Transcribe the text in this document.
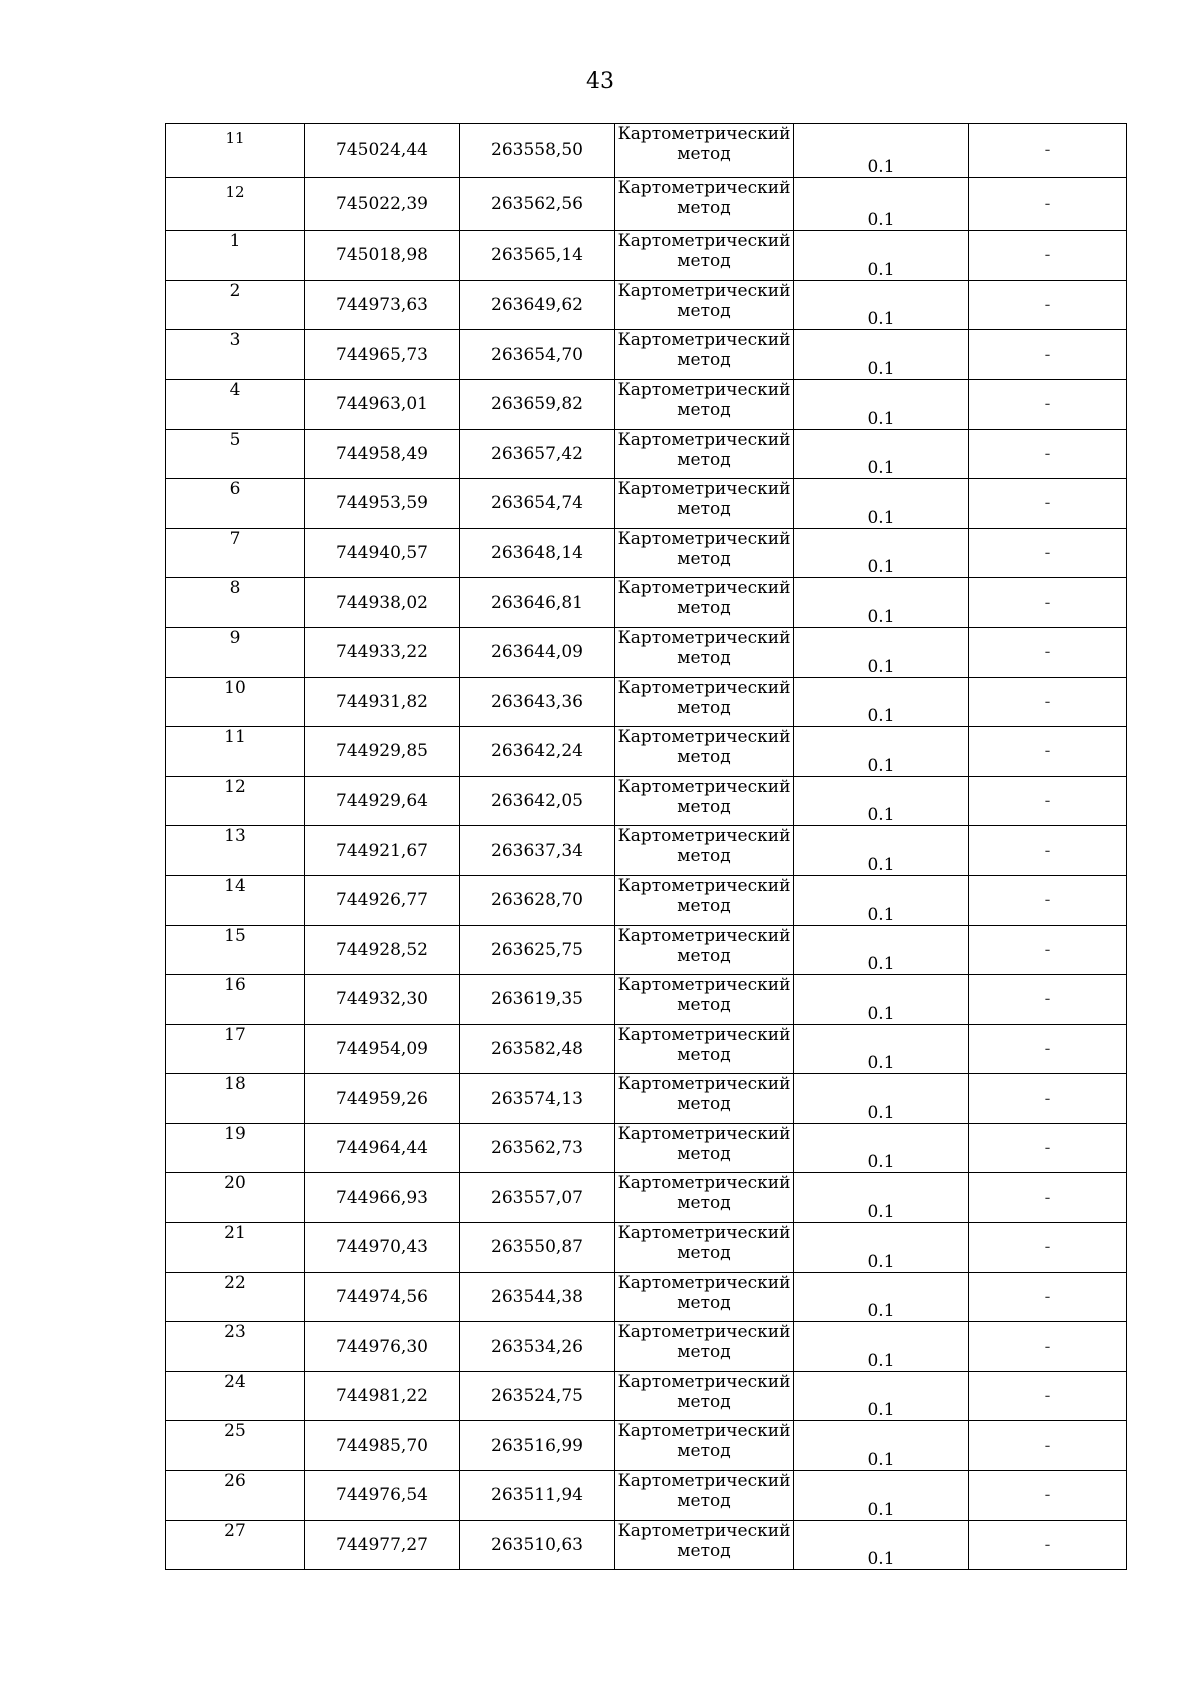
43
11	745024,44	263558,50	Картометрический метод	0.1	-
12	745022,39	263562,56	Картометрический метод	0.1	-
1	745018,98	263565,14	Картометрический метод	0.1	-
2	744973,63	263649,62	Картометрический метод	0.1	-
3	744965,73	263654,70	Картометрический метод	0.1	-
4	744963,01	263659,82	Картометрический метод	0.1	-
5	744958,49	263657,42	Картометрический метод	0.1	-
6	744953,59	263654,74	Картометрический метод	0.1	-
7	744940,57	263648,14	Картометрический метод	0.1	-
8	744938,02	263646,81	Картометрический метод	0.1	-
9	744933,22	263644,09	Картометрический метод	0.1	-
10	744931,82	263643,36	Картометрический метод	0.1	-
11	744929,85	263642,24	Картометрический метод	0.1	-
12	744929,64	263642,05	Картометрический метод	0.1	-
13	744921,67	263637,34	Картометрический метод	0.1	-
14	744926,77	263628,70	Картометрический метод	0.1	-
15	744928,52	263625,75	Картометрический метод	0.1	-
16	744932,30	263619,35	Картометрический метод	0.1	-
17	744954,09	263582,48	Картометрический метод	0.1	-
18	744959,26	263574,13	Картометрический метод	0.1	-
19	744964,44	263562,73	Картометрический метод	0.1	-
20	744966,93	263557,07	Картометрический метод	0.1	-
21	744970,43	263550,87	Картометрический метод	0.1	-
22	744974,56	263544,38	Картометрический метод	0.1	-
23	744976,30	263534,26	Картометрический метод	0.1	-
24	744981,22	263524,75	Картометрический метод	0.1	-
25	744985,70	263516,99	Картометрический метод	0.1	-
26	744976,54	263511,94	Картометрический метод	0.1	-
27	744977,27	263510,63	Картометрический метод	0.1	-
